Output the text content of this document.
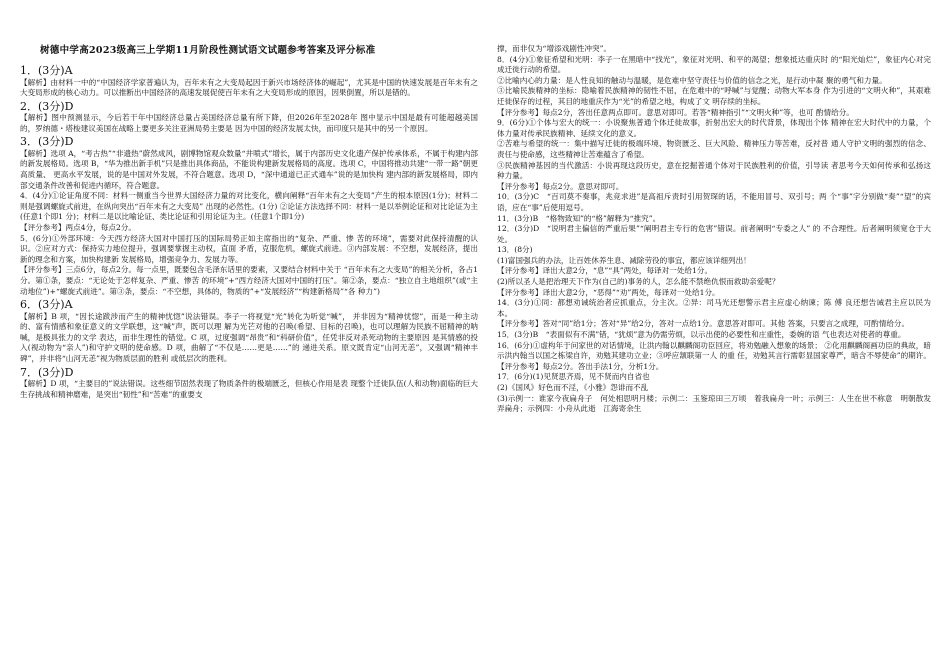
树德中学高2023级高三上学期11月阶段性测试语文试题参考答案及评分标准
1．(3分)A
【解析】由材料一中的“中国经济学家普遍认为，百年未有之大变局起因于新兴市场经济体的崛起”，尤其是中国的快速发展是百年未有之大变局形成的核心动力。可以推断出中国经济的高速发展促使百年未有之大变局形成的原因，因果倒置，所以是错的。
2．(3分)D
【解析】图中预测显示，今后若干年中国经济总量占美国经济总量有所下降，但2026年至2028年 图中显示中国是最有可能超越美国的，罗纳德・塔梭建议美国在战略上要更多关注亚洲局势主要是 因为中国的经济发展太快，而印度只是其中的另一个原因。
3．(3分)D
【解析】选项 A，“考古热”“非遗热”蔚然成风，剧博物馆观众数量“井喷式”增长，属于内部历史文化遗产保护传承体系，不属于构建内部的新发展格局。选项 B，“华为推出新手机”只是推出具体商品，不能说构建新发展格局的高度。选项 C，中国将推动共建“一带一路”朝更高质量、 更高水平发展，说的是中国对外发展，不符合题意。选项 D，“深中通道已正式通车”说的是加快构 建内部的新发展格局，即内部交通条件改善和促进内循环，符合题意。
4．(4分)①论证角度不同：材料一侧重当今世界大国经济力量的对比变化，横向阐释“百年未有之大变局”产生的根本原因(1分)；材料二则是强调螺旋式前进，在纵向突出“百年未有之大变局” 出现的必然性。(1分) ②论证方法选择不同：材料一是以举例论证和对比论证为主(任意1个即1 分)；材料二是以比喻论证、类比论证和引用论证为主。(任意1个即1分)
【评分参考】两点4分，每点2分。
5．(6分)①外部环境：今天西方经济大国对中国打压的国际局势正如主席指出的“复杂、严重、惨 苦的环境”，需要对此保持清醒的认识。②应对方式：保持实力地位提升，强调要掌握主动权，直面 矛盾，克服危机，螺旋式前进。③内部发展：不空想，发展经济，提出新的理念和方案，加快构建新 发展格局，增强竞争力、发展力等。
【评分参考】三点6分，每点2分。每一点里，既要包含毛泽东话里的要素，又要结合材料中关于 “百年未有之大变局”的相关分析，各占1分。第①条，要点：“无论处于怎样复杂、严重、惨苦 的环境”+“西方经济大国对中国的打压”。第②条，要点：“独立自主地组织”(或“主动地位”)+“螺旋式前进”。第③条，要点：“不空想，具体的，物质的”+“发展经济”“构建新格局”“各 种力”)
6．(3分)A
【解析】B 项，“因长途跋涉而产生的精神忧惚”说法错误。李子一将视觉“光”转化为听觉“喊”， 并非因为“精神忧惚”，而是一种主动的、富有情感和象征意义的文学联想，这“喊”声，既可以理 解为光芒对他的召唤(希望、目标的召唤)，也可以理解为民族不屈精神的呐喊，是极具张力的文学 表达，而非生理性的错觉。C 项，过度强调“昂贵”和“科研价值”，任凭非反对杀死动物的主要原因 是其情感的投入(视动物为“亲人”)和守护文明的使命感。D 项，曲解了“不仅是……更是……”的 递进关系。原文既肯定“山河无恙”，又强调“精神丰碑”，并非将“山河无恙”视为物质层面的胜利 或低层次的胜利。
7．(3分)D
【解析】D 项，“主要目的”说法错误。这些细节固然表现了物质条件的极端匮乏，但核心作用是表 现整个迁徙队伍(人和动物)面临的巨大生存挑战和精神磨难，是突出“韧性”和“苦难”的重要支
撑，而非仅为“增添戏剧性冲突”。
8．(4分)①象征希望和光明：李子一在黑暗中“找光”，象征对光明、和平的渴望；想象抵达重庆时 的“阳光灿烂”，象征内心对完成迁徙行动的希望。
②比喻内心的力量：是人性良知的触动与温暖，是危难中坚守责任与价值的信念之光，是行动中凝 聚的勇气和力量。
③比喻民族精神的坐标：隐喻着民族精神的韧性不屈，在危难中的“呼喊”与觉醒；动物大军本身 作为引进的“文明火种”，其艰难迁徙保存的过程，其目的地重庆作为“光”的希望之地，构成了文 明存续的坐标。
【评分参考】每点2分，答出任意两点即可。意思对即可。若答“精神指引”“文明火种”等，也可 酌情给分。
9．(6分)①个体与宏大的统一：小说聚焦普通个体迁徙故事，折射出宏大的时代背景，体现出个体 精神在宏大时代中的力量，个体力量对传承民族精神、延续文化的意义。
②苦难与希望的统一：集中描写迁徙的极端环境、物资匮乏、巨大风险、精神压力等苦难，反衬普 通人守护文明的强烈的信念、责任与使命感，这些精神让苦难蕴含了希望。
③民族精神基因的当代激活：小说再现这段历史，意在挖掘普通个体对于民族胜利的价值，引导读 者思考今天如何传承和弘扬这种力量。
【评分参考】每点2分。意思对即可。
10．(3分)C　“百司莫不奏事，兆竞求进”是高祖斥责时引用贺琛的话，不能用冒号、双引号；两 个“事”字分别做“奏”“望”的宾语，应在“事”后使用逗号。
11．(3分)B　“格物致知”的“格”解释为“推究”。
12．(3分)D　“说明君主偏信的严重后果”“阐明君主专行的危害”错误。前者阐明“专委之人” 的 不合理性。后者阐明须宽仓于大处。
13．(8分)
(1)富国强兵的办法，让百姓休养生息、减除劳役的事宜，都应该详细列出！
【评分参考】译出大意2分，“息”“具”两处，每译对一处给1分。
(2)所以圣人是把治理天下作为(自己的)事务的人，怎么能不禁绝仇恨而救助亲爱呢？
【评分参考】译出大意2分，“恶得”“劝”两处，每译对一处给1分。
14．(3分)①同：都想劝诫统治者应抓重点，分主次。②异：司马光还想警示君主应虚心纳谏；陈 傅 良还想告诫君主应以民为本。
【评分参考】答对“同”给1分；答对“异”给2分，答对一点给1分。意思答对即可。其他 答案，只要言之成理，可酌情给分。
15．(3分)B　“表面似有不满”错，“犹烦”意为仍需劳烦，以示出使的必要性和庄重性，委婉的语 气也表达对使者的尊重。
16．(6分)①虚构年于问家世的对话情境，让洪内翰以麒麟阁功臣回应，将劝勉融入想象的场景； ②化用麒麟阁画功臣的典故，暗示洪内翰当以国之栋梁自许，劝勉其建功立业；③呼应颔联第一人 的重 任，劝勉其言行需彰显国家尊严，暗含不辱使命”的期许。
【评分参考】每点2分。答出手法1分，分析1分。
17．(6分)(1)见贤思齐焉，见不贤而内自省也
(2)《国风》好色而不淫，《小雅》怨诽而不乱
(3)示例一：谁家今夜扁舟子　何处相思明月楼；示例二：玉鉴琼田三万顷　着我扁舟一叶；示例三：人生在世不称意　明朝散发弄扁舟；示例四：小舟从此逝　江海寄余生
